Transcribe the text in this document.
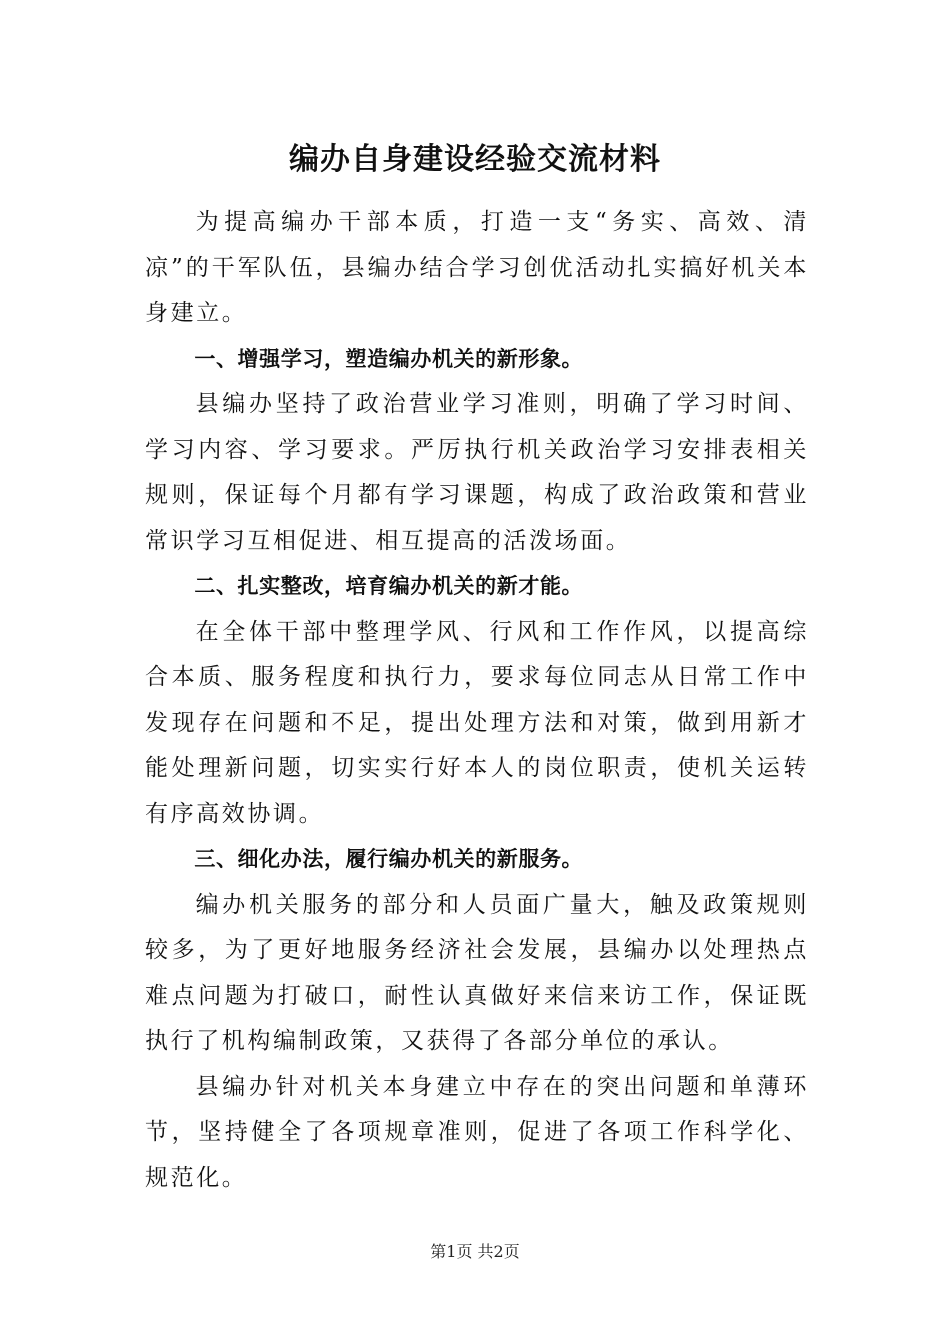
编办自身建设经验交流材料

为提高编办干部本质，打造一支“务实、高效、清凉”的干军队伍，县编办结合学习创优活动扎实搞好机关本身建立。

一、增强学习，塑造编办机关的新形象。

县编办坚持了政治营业学习准则，明确了学习时间、学习内容、学习要求。严厉执行机关政治学习安排表相关规则，保证每个月都有学习课题，构成了政治政策和营业常识学习互相促进、相互提高的活泼场面。

二、扎实整改，培育编办机关的新才能。

在全体干部中整理学风、行风和工作作风，以提高综合本质、服务程度和执行力，要求每位同志从日常工作中发现存在问题和不足，提出处理方法和对策，做到用新才能处理新问题，切实实行好本人的岗位职责，使机关运转有序高效协调。

三、细化办法，履行编办机关的新服务。

编办机关服务的部分和人员面广量大，触及政策规则较多，为了更好地服务经济社会发展，县编办以处理热点难点问题为打破口，耐性认真做好来信来访工作，保证既执行了机构编制政策，又获得了各部分单位的承认。

县编办针对机关本身建立中存在的突出问题和单薄环节，坚持健全了各项规章准则，促进了各项工作科学化、规范化。

第1页 共2页
